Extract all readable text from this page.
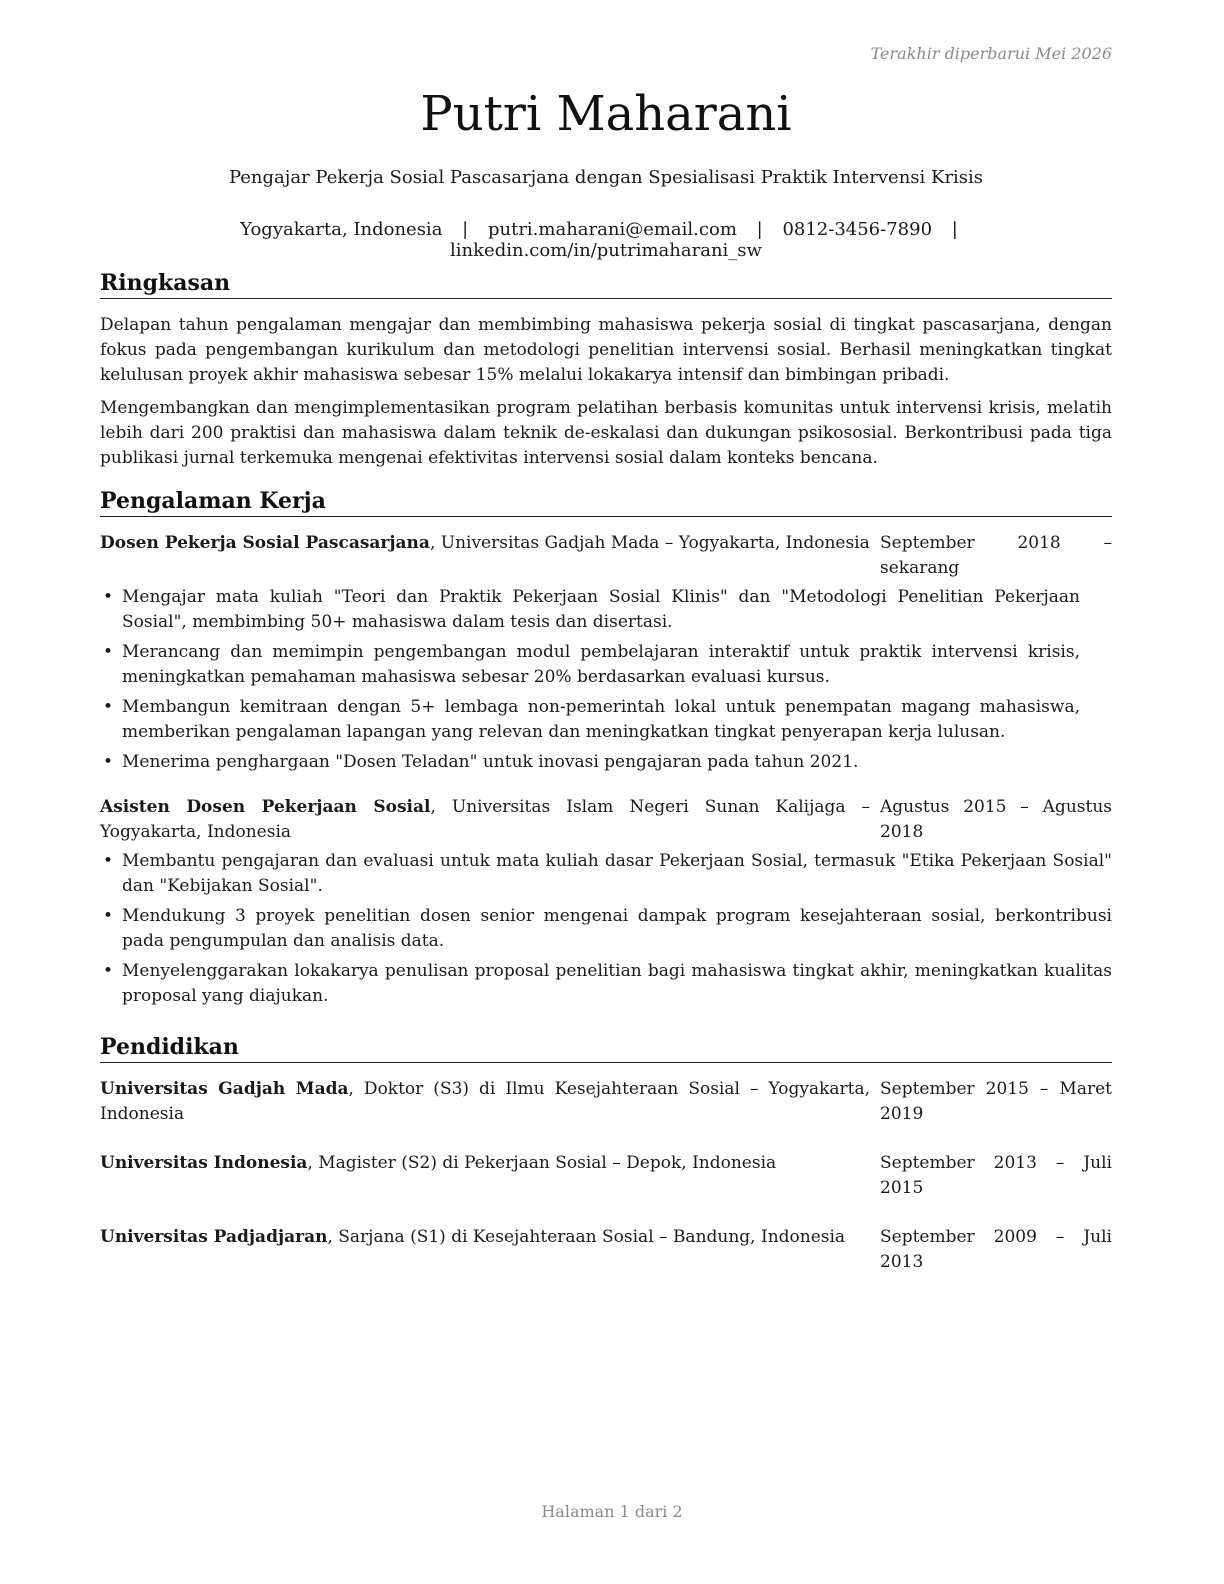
Terakhir diperbarui Mei 2026
Putri Maharani
Pengajar Pekerja Sosial Pascasarjana dengan Spesialisasi Praktik Intervensi Krisis
Yogyakarta, Indonesia | putri.maharani@email.com | 0812-3456-7890 | linkedin.com/in/putrimaharani_sw
Ringkasan

Delapan tahun pengalaman mengajar dan membimbing mahasiswa pekerja sosial di tingkat pascasarjana, dengan fokus pada pengembangan kurikulum dan metodologi penelitian intervensi sosial. Berhasil meningkatkan tingkat kelulusan proyek akhir mahasiswa sebesar 15% melalui lokakarya intensif dan bimbingan pribadi.

Mengembangkan dan mengimplementasikan program pelatihan berbasis komunitas untuk intervensi krisis, melatih lebih dari 200 praktisi dan mahasiswa dalam teknik de-eskalasi dan dukungan psikososial. Berkontribusi pada tiga publikasi jurnal terkemuka mengenai efektivitas intervensi sosial dalam konteks bencana.

Pengalaman Kerja
Dosen Pekerja Sosial Pascasarjana, Universitas Gadjah Mada – Yogyakarta, Indonesia September 2018 –
sekarang
• Mengajar mata kuliah "Teori dan Praktik Pekerjaan Sosial Klinis" dan "Metodologi Penelitian Pekerjaan Sosial", membimbing 50+ mahasiswa dalam tesis dan disertasi.
• Merancang dan memimpin pengembangan modul pembelajaran interaktif untuk praktik intervensi krisis, meningkatkan pemahaman mahasiswa sebesar 20% berdasarkan evaluasi kursus.
• Membangun kemitraan dengan 5+ lembaga non-pemerintah lokal untuk penempatan magang mahasiswa, memberikan pengalaman lapangan yang relevan dan meningkatkan tingkat penyerapan kerja lulusan.
• Menerima penghargaan "Dosen Teladan" untuk inovasi pengajaran pada tahun 2021.
Asisten Dosen Pekerjaan Sosial, Universitas Islam Negeri Sunan Kalijaga – Yogyakarta, Indonesia
Agustus 2015 – Agustus
2018
• Membantu pengajaran dan evaluasi untuk mata kuliah dasar Pekerjaan Sosial, termasuk "Etika Pekerjaan Sosial" dan "Kebijakan Sosial".
• Mendukung 3 proyek penelitian dosen senior mengenai dampak program kesejahteraan sosial, berkontribusi pada pengumpulan dan analisis data.
• Menyelenggarakan lokakarya penulisan proposal penelitian bagi mahasiswa tingkat akhir, meningkatkan kualitas proposal yang diajukan.
Pendidikan
Universitas Gadjah Mada, Doktor (S3) di Ilmu Kesejahteraan Sosial – Yogyakarta, Indonesia
September 2015 – Maret
2019
Universitas Indonesia, Magister (S2) di Pekerjaan Sosial – Depok, Indonesia	September 2013 – Juli
2015
Universitas Padjadjaran, Sarjana (S1) di Kesejahteraan Sosial – Bandung, Indonesia	September 2009 – Juli
2013
Halaman 1 dari 2
